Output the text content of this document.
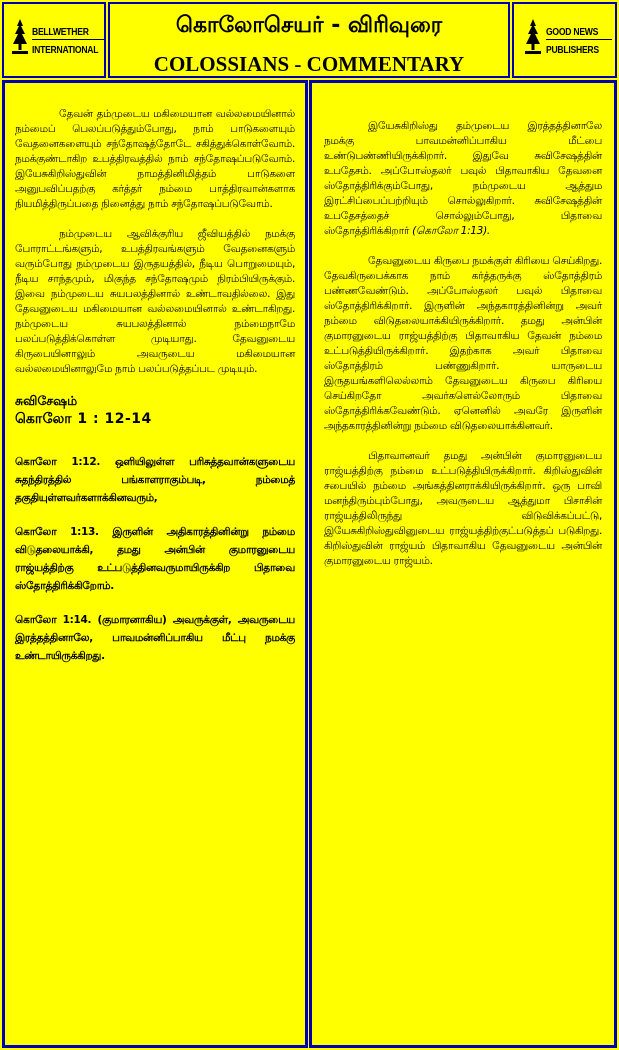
BELLWETHER
INTERNATIONAL
கொலோசெயர் - விரிவுரை
COLOSSIANS - COMMENTARY
GOOD NEWS
PUBLISHERS

தேவன் தம்முடைய மகிமையான வல்லமையினால் நம்மைப் பெலப்படுத்தும்போது, நாம் பாடுகளையும் வேதனைகளையும் சந்தோஷத்தோடே சகித்துக்கொள்வோம். நமக்குண்டாகிற உபத்திரவத்தில் நாம் சந்தோஷப்படுவோம். இயேசுகிறிஸ்துவின் நாமத்தினிமித்தம் பாடுகளை அனுபவிப்பதற்கு கர்த்தர் நம்மை பாத்திரவான்களாக நியமித்திருப்பதை நினைத்து நாம் சந்தோஷப்படுவோம்.

நம்முடைய ஆவிக்குரிய ஜீவியத்தில் நமக்கு போராட்டங்களும், உபத்திரவங்களும் வேதனைகளும் வரும்போது நம்முடைய இருதயத்தில், நீடிய பொறுமையும், நீடிய சாந்தமும், மிகுந்த சந்தோஷமும் நிரம்பியிருக்கும். இவை நம்முடைய சுயபலத்தினால் உண்டாவதில்லை. இது தேவனுடைய மகிமையான வல்லமையினால் உண்டாகிறது. நம்முடைய சுயபலத்தினால் நம்மைநாமே பலப்படுத்திக்கொள்ள முடியாது. தேவனுடைய கிருபையினாலும் அவருடைய மகிமையான வல்லமையினாலுமே நாம் பலப்படுத்தப்பட முடியும்.

சுவிசேஷம்
கொலோ 1 : 12-14

கொலோ 1:12. ஒளியிலுள்ள பரிசுத்தவான்களுடைய சுதந்திரத்தில் பங்காளராகும்படி, நம்மைத் தகுதியுள்ளவர்களாக்கினவரும்,

கொலோ 1:13. இருளின் அதிகாரத்தினின்று நம்மை விடுதலையாக்கி, தமது அன்பின் குமாரனுடைய ராஜ்யத்திற்கு உட்படுத்தினவருமாயிருக்கிற பிதாவை ஸ்தோத்திரிக்கிறோம்.

கொலோ 1:14. (குமாரனாகிய) அவருக்குள், அவருடைய இரத்தத்தினாலே, பாவமன்னிப்பாகிய மீட்பு நமக்கு உண்டாயிருக்கிறது.

இயேசுகிறிஸ்து தம்முடைய இரத்தத்தினாலே நமக்கு பாவமன்னிப்பாகிய மீட்பை உண்டுபண்ணியிருக்கிறார். இதுவே சுவிசேஷத்தின் உபதேசம். அப்போஸ்தலர் பவுல் பிதாவாகிய தேவனை ஸ்தோத்திரிக்கும்போது, நம்முடைய ஆத்தும இரட்சிப்பைப்பற்றியும் சொல்லுகிறார். சுவிசேஷத்தின் உபதேசத்தைச் சொல்லும்போது, பிதாவை ஸ்தோத்திரிக்கிறார் (கொலோ 1:13).

தேவனுடைய கிருபை நமக்குள் கிரியை செய்கிறது. தேவகிருபைக்காக நாம் கர்த்தருக்கு ஸ்தோத்திரம் பண்ணவேண்டும். அப்போஸ்தலர் பவுல் பிதாவை ஸ்தோத்திரிக்கிறார். இருளின் அந்தகாரத்தினின்று அவர் நம்மை விடுதலையாக்கியிருக்கிறார். தமது அன்பின் குமாரனுடைய ராஜ்யத்திற்கு பிதாவாகிய தேவன் நம்மை உட்படுத்தியிருக்கிறார். இதற்காக அவர் பிதாவை ஸ்தோத்திரம் பண்ணுகிறார். யாருடைய இருதயங்களிலெல்லாம் தேவனுடைய கிருபை கிரியை செய்கிறதோ அவர்களெல்லோரும் பிதாவை ஸ்தோத்திரிக்கவேண்டும். ஏனெனில் அவரே இருளின் அந்தகாரத்தினின்று நம்மை விடுதலையாக்கினவர்.

பிதாவானவர் தமது அன்பின் குமாரனுடைய ராஜ்யத்திற்கு நம்மை உட்படுத்தியிருக்கிறார். கிறிஸ்துவின் சபையில் நம்மை அங்கத்தினராக்கியிருக்கிறார். ஒரு பாவி மனந்திரும்பும்போது, அவருடைய ஆத்துமா பிசாசின் ராஜ்யத்திலிருந்து விடுவிக்கப்பட்டு, இயேசுகிறிஸ்துவினுடைய ராஜ்யத்திற்குட்படுத்தப் படுகிறது. கிறிஸ்துவின் ராஜ்யம் பிதாவாகிய தேவனுடைய அன்பின் குமாரனுடைய ராஜ்யம்.
